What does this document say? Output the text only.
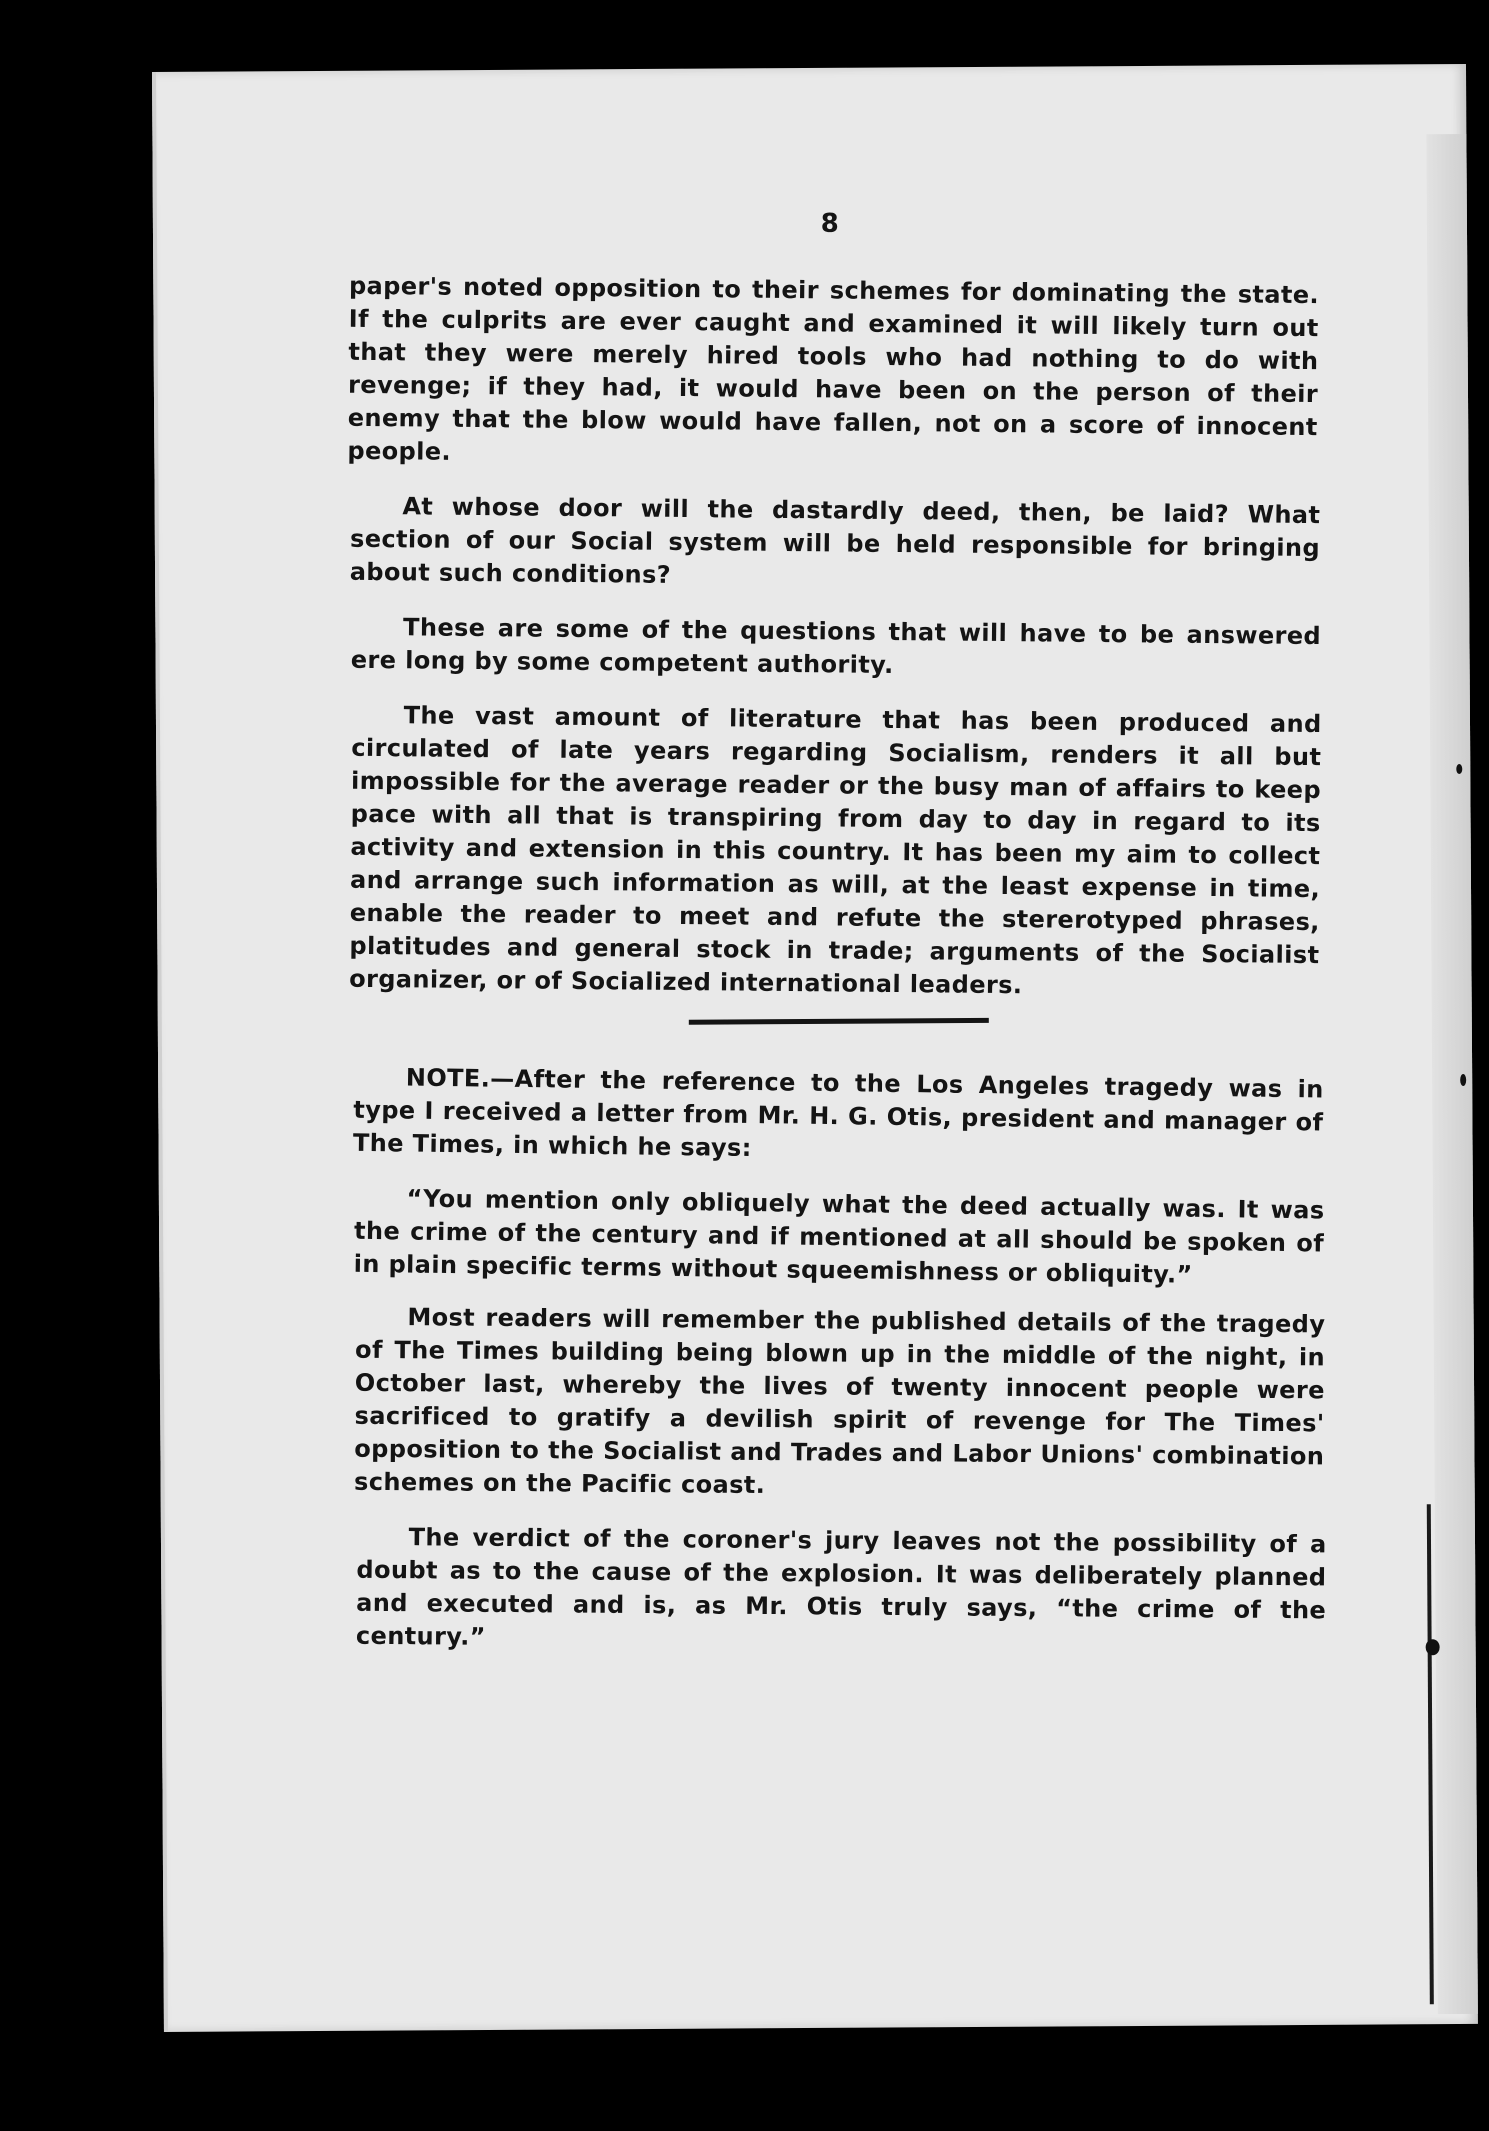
8

paper's noted opposition to their schemes for dominating the state. If the culprits are ever caught and examined it will likely turn out that they were merely hired tools who had nothing to do with revenge; if they had, it would have been on the person of their enemy that the blow would have fallen, not on a score of innocent people.

At whose door will the dastardly deed, then, be laid? What section of our Social system will be held responsible for bringing about such conditions?

These are some of the questions that will have to be answered ere long by some competent authority.

The vast amount of literature that has been produced and circulated of late years regarding Socialism, renders it all but impossible for the average reader or the busy man of affairs to keep pace with all that is transpiring from day to day in regard to its activity and extension in this country. It has been my aim to collect and arrange such information as will, at the least expense in time, enable the reader to meet and refute the stererotyped phrases, platitudes and general stock in trade; arguments of the Socialist organizer, or of Socialized international leaders.

NOTE.—After the reference to the Los Angeles tragedy was in type I received a letter from Mr. H. G. Otis, president and manager of The Times, in which he says:

“You mention only obliquely what the deed actually was. It was the crime of the century and if mentioned at all should be spoken of in plain specific terms without squeemishness or obliquity.”

Most readers will remember the published details of the tragedy of The Times building being blown up in the middle of the night, in October last, whereby the lives of twenty innocent people were sacrificed to gratify a devilish spirit of revenge for The Times' opposition to the Socialist and Trades and Labor Unions' combination schemes on the Pacific coast.

The verdict of the coroner's jury leaves not the possibility of a doubt as to the cause of the explosion. It was deliberately planned and executed and is, as Mr. Otis truly says, “the crime of the century.”
